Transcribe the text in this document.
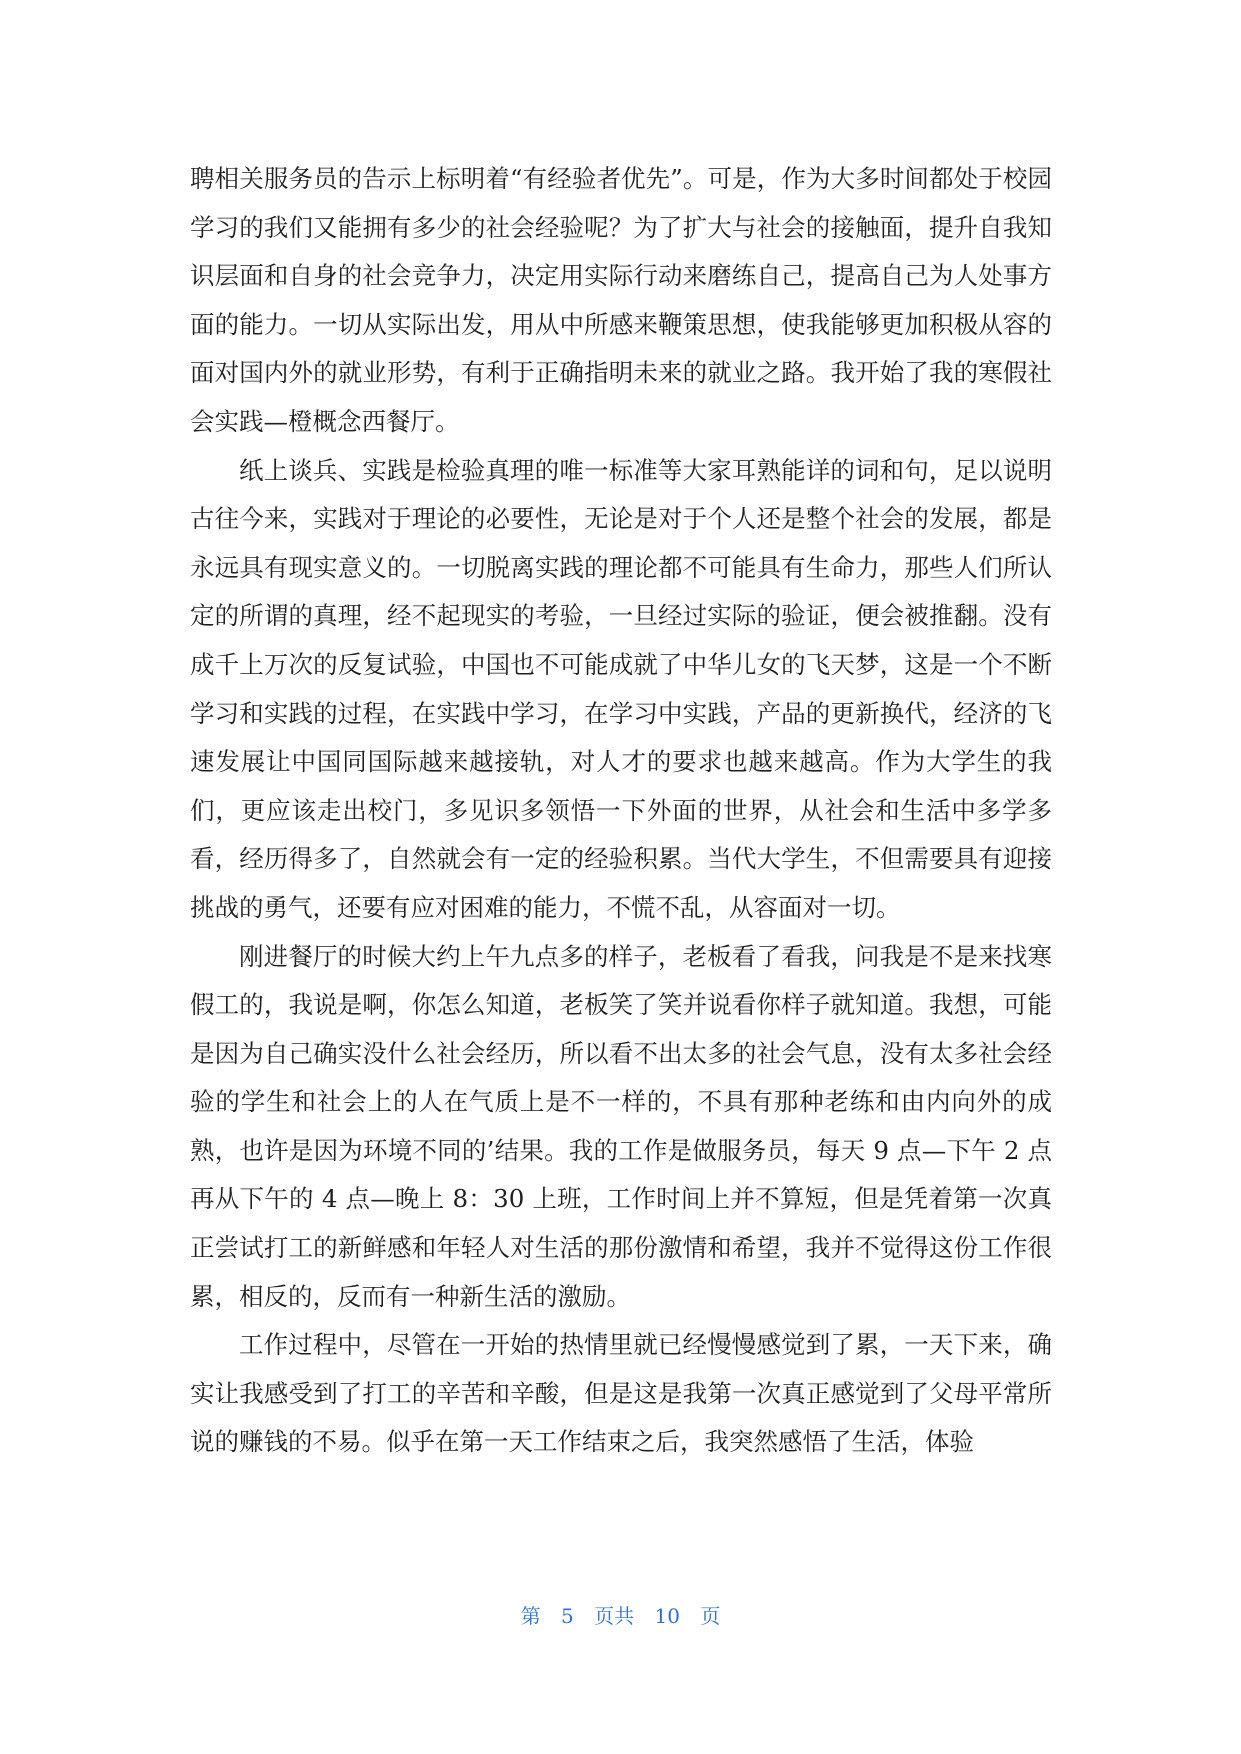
聘相关服务员的告示上标明着“有经验者优先”。可是，作为大多时间都处于校园学习的我们又能拥有多少的社会经验呢？为了扩大与社会的接触面，提升自我知识层面和自身的社会竞争力，决定用实际行动来磨练自己，提高自己为人处事方面的能力。一切从实际出发，用从中所感来鞭策思想，使我能够更加积极从容的面对国内外的就业形势，有利于正确指明未来的就业之路。我开始了我的寒假社会实践—橙概念西餐厅。

纸上谈兵、实践是检验真理的唯一标准等大家耳熟能详的词和句，足以说明古往今来，实践对于理论的必要性，无论是对于个人还是整个社会的发展，都是永远具有现实意义的。一切脱离实践的理论都不可能具有生命力，那些人们所认定的所谓的真理，经不起现实的考验，一旦经过实际的验证，便会被推翻。没有成千上万次的反复试验，中国也不可能成就了中华儿女的飞天梦，这是一个不断学习和实践的过程，在实践中学习，在学习中实践，产品的更新换代，经济的飞速发展让中国同国际越来越接轨，对人才的要求也越来越高。作为大学生的我们，更应该走出校门，多见识多领悟一下外面的世界，从社会和生活中多学多看，经历得多了，自然就会有一定的经验积累。当代大学生，不但需要具有迎接挑战的勇气，还要有应对困难的能力，不慌不乱，从容面对一切。

刚进餐厅的时候大约上午九点多的样子，老板看了看我，问我是不是来找寒假工的，我说是啊，你怎么知道，老板笑了笑并说看你样子就知道。我想，可能是因为自己确实没什么社会经历，所以看不出太多的社会气息，没有太多社会经验的学生和社会上的人在气质上是不一样的，不具有那种老练和由内向外的成熟，也许是因为环境不同的’结果。我的工作是做服务员，每天 9 点—下午 2 点再从下午的 4 点—晚上 8：30 上班，工作时间上并不算短，但是凭着第一次真正尝试打工的新鲜感和年轻人对生活的那份激情和希望，我并不觉得这份工作很累，相反的，反而有一种新生活的激励。

工作过程中，尽管在一开始的热情里就已经慢慢感觉到了累，一天下来，确实让我感受到了打工的辛苦和辛酸，但是这是我第一次真正感觉到了父母平常所说的赚钱的不易。似乎在第一天工作结束之后，我突然感悟了生活，体验

第 5 页共 10 页
